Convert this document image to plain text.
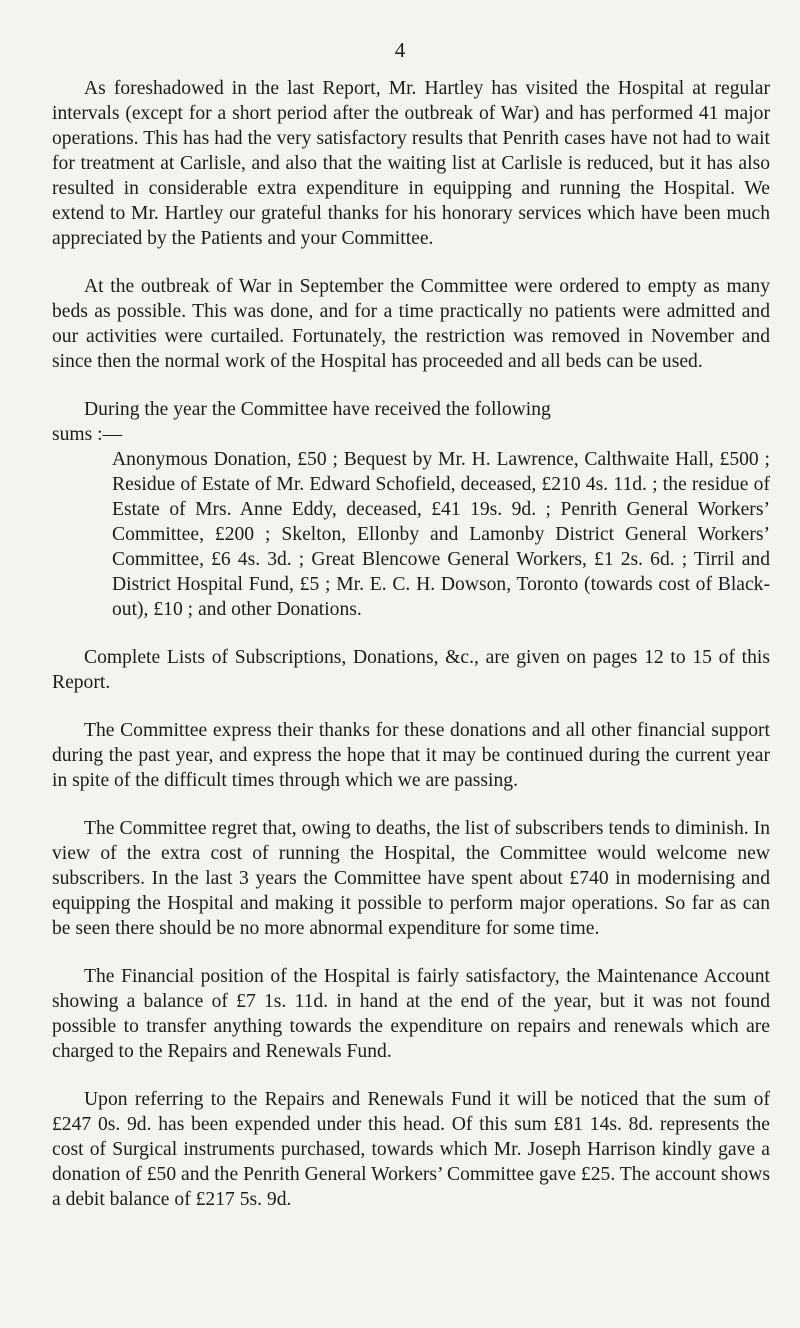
4

As foreshadowed in the last Report, Mr. Hartley has visited the Hospital at regular intervals (except for a short period after the outbreak of War) and has performed 41 major operations. This has had the very satisfactory results that Penrith cases have not had to wait for treatment at Carlisle, and also that the waiting list at Carlisle is reduced, but it has also resulted in considerable extra expenditure in equipping and running the Hospital. We extend to Mr. Hartley our grateful thanks for his honorary services which have been much appreciated by the Patients and your Committee.

At the outbreak of War in September the Committee were ordered to empty as many beds as possible. This was done, and for a time practically no patients were admitted and our activities were curtailed. Fortunately, the restriction was removed in November and since then the normal work of the Hospital has proceeded and all beds can be used.

During the year the Committee have received the following

sums :—

Anonymous Donation, £50 ; Bequest by Mr. H. Lawrence, Calthwaite Hall, £500 ; Residue of Estate of Mr. Edward Schofield, deceased, £210 4s. 11d. ; the residue of Estate of Mrs. Anne Eddy, deceased, £41 19s. 9d. ; Penrith General Workers’ Committee, £200 ; Skelton, Ellonby and Lamonby District General Workers’ Committee, £6 4s. 3d. ; Great Blencowe General Workers, £1 2s. 6d. ; Tirril and District Hospital Fund, £5 ; Mr. E. C. H. Dowson, Toronto (towards cost of Black-out), £10 ; and other Donations.

Complete Lists of Subscriptions, Donations, &c., are given on pages 12 to 15 of this Report.

The Committee express their thanks for these donations and all other financial support during the past year, and express the hope that it may be continued during the current year in spite of the difficult times through which we are passing.

The Committee regret that, owing to deaths, the list of subscribers tends to diminish. In view of the extra cost of running the Hospital, the Committee would welcome new subscribers. In the last 3 years the Committee have spent about £740 in modernising and equipping the Hospital and making it possible to perform major operations. So far as can be seen there should be no more abnormal expenditure for some time.

The Financial position of the Hospital is fairly satisfactory, the Maintenance Account showing a balance of £7 1s. 11d. in hand at the end of the year, but it was not found possible to transfer anything towards the expenditure on repairs and renewals which are charged to the Repairs and Renewals Fund.

Upon referring to the Repairs and Renewals Fund it will be noticed that the sum of £247 0s. 9d. has been expended under this head. Of this sum £81 14s. 8d. represents the cost of Surgical instruments purchased, towards which Mr. Joseph Harrison kindly gave a donation of £50 and the Penrith General Workers’ Committee gave £25. The account shows a debit balance of £217 5s. 9d.
